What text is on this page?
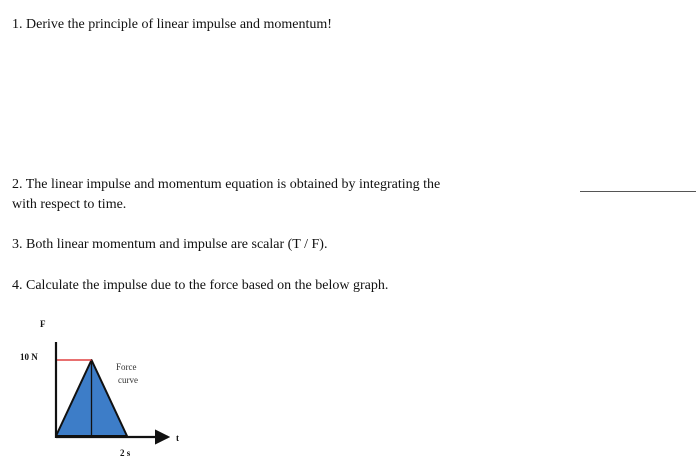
1. Derive the principle of linear impulse and momentum!
2. The linear impulse and momentum equation is obtained by integrating the
with respect to time.
3. Both linear momentum and impulse are scalar (T / F).
4. Calculate the impulse due to the force based on the below graph.
F
t
10 N
2 s
Force
curve
